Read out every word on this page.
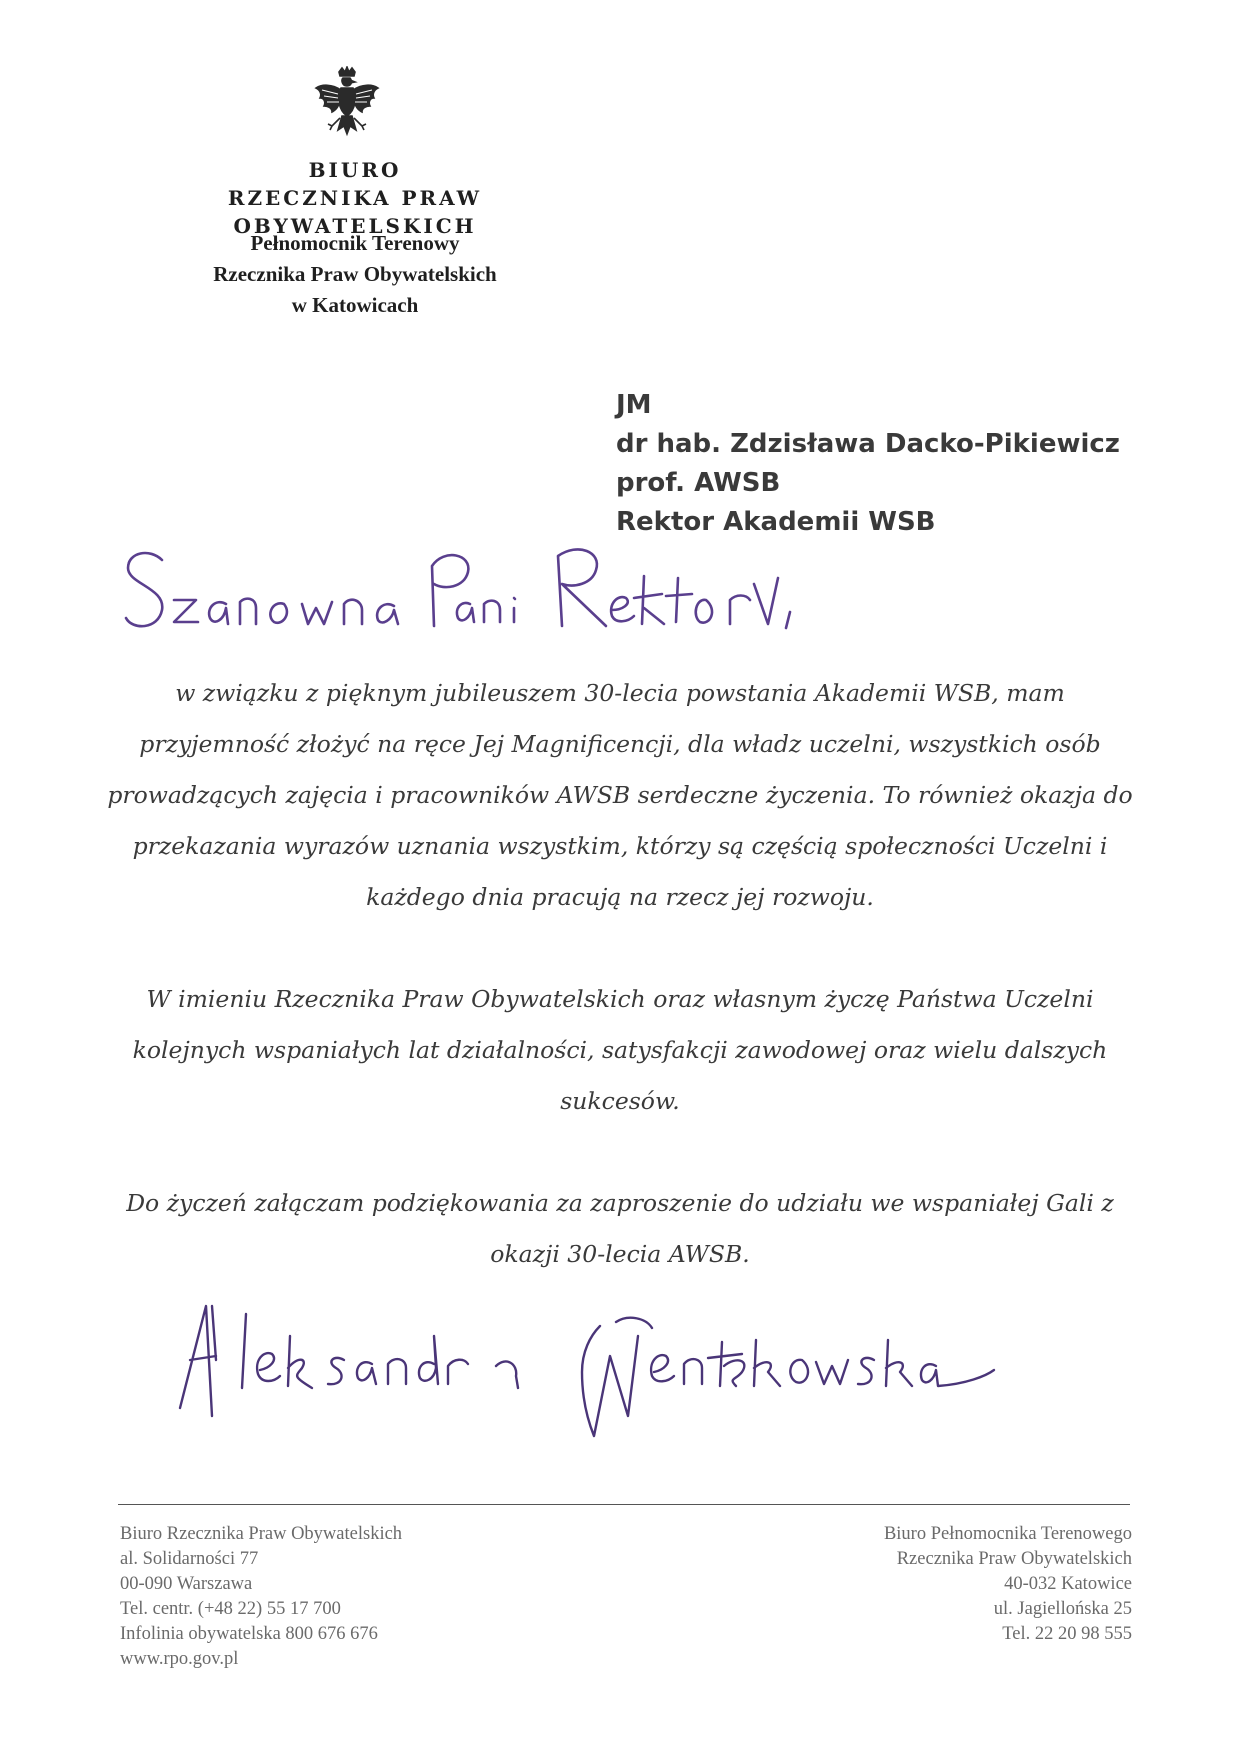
BIURO
RZECZNIKA PRAW OBYWATELSKICH
Pełnomocnik Terenowy
Rzecznika Praw Obywatelskich
w Katowicach
JM
dr hab. Zdzisława Dacko-Pikiewicz
prof. AWSB
Rektor Akademii WSB

w związku z pięknym jubileuszem 30-lecia powstania Akademii WSB, mam przyjemność złożyć na ręce Jej Magnificencji, dla władz uczelni, wszystkich osób prowadzących zajęcia i pracowników AWSB serdeczne życzenia. To również okazja do przekazania wyrazów uznania wszystkim, którzy są częścią społeczności Uczelni i każdego dnia pracują na rzecz jej rozwoju.

W imieniu Rzecznika Praw Obywatelskich oraz własnym życzę Państwa Uczelni kolejnych wspaniałych lat działalności, satysfakcji zawodowej oraz wielu dalszych sukcesów.

Do życzeń załączam podziękowania za zaproszenie do udziału we wspaniałej Gali z okazji 30-lecia AWSB.

Biuro Rzecznika Praw Obywatelskich
al. Solidarności 77
00-090 Warszawa
Tel. centr. (+48 22) 55 17 700
Infolinia obywatelska 800 676 676
www.rpo.gov.pl
Biuro Pełnomocnika Terenowego
Rzecznika Praw Obywatelskich
40-032 Katowice
ul. Jagiellońska 25
Tel. 22 20 98 555
